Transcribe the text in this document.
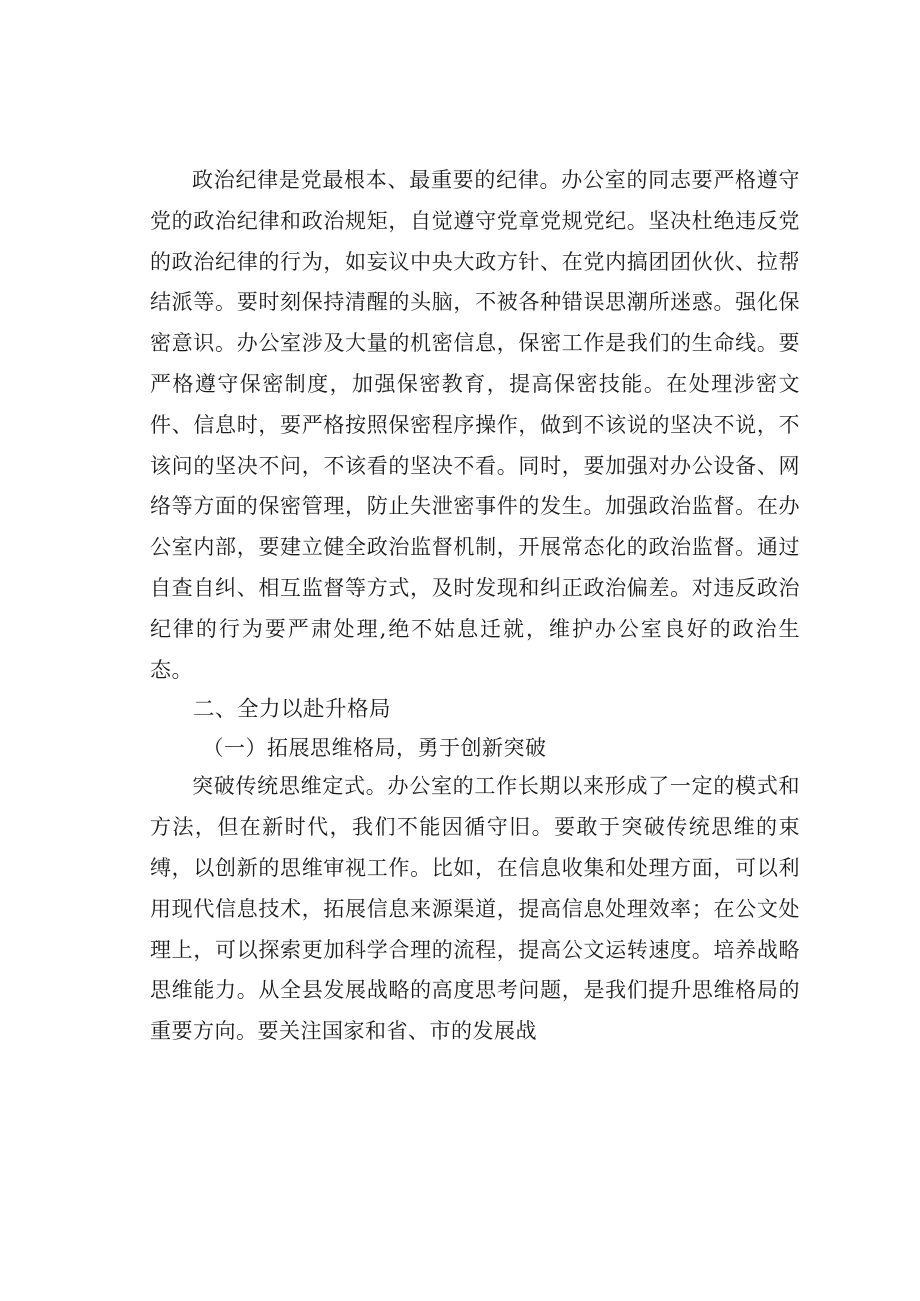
政治纪律是党最根本、最重要的纪律。办公室的同志要严格遵守党的政治纪律和政治规矩，自觉遵守党章党规党纪。坚决杜绝违反党的政治纪律的行为，如妄议中央大政方针、在党内搞团团伙伙、拉帮结派等。要时刻保持清醒的头脑，不被各种错误思潮所迷惑。强化保密意识。办公室涉及大量的机密信息，保密工作是我们的生命线。要严格遵守保密制度，加强保密教育，提高保密技能。在处理涉密文件、信息时，要严格按照保密程序操作，做到不该说的坚决不说，不该问的坚决不问，不该看的坚决不看。同时，要加强对办公设备、网络等方面的保密管理，防止失泄密事件的发生。加强政治监督。在办公室内部，要建立健全政治监督机制，开展常态化的政治监督。通过自查自纠、相互监督等方式，及时发现和纠正政治偏差。对违反政治纪律的行为要严肃处理,绝不姑息迁就，维护办公室良好的政治生态。

二、全力以赴升格局

（一）拓展思维格局，勇于创新突破

突破传统思维定式。办公室的工作长期以来形成了一定的模式和方法，但在新时代，我们不能因循守旧。要敢于突破传统思维的束缚，以创新的思维审视工作。比如，在信息收集和处理方面，可以利用现代信息技术，拓展信息来源渠道，提高信息处理效率；在公文处理上，可以探索更加科学合理的流程，提高公文运转速度。培养战略思维能力。从全县发展战略的高度思考问题，是我们提升思维格局的重要方向。要关注国家和省、市的发展战
